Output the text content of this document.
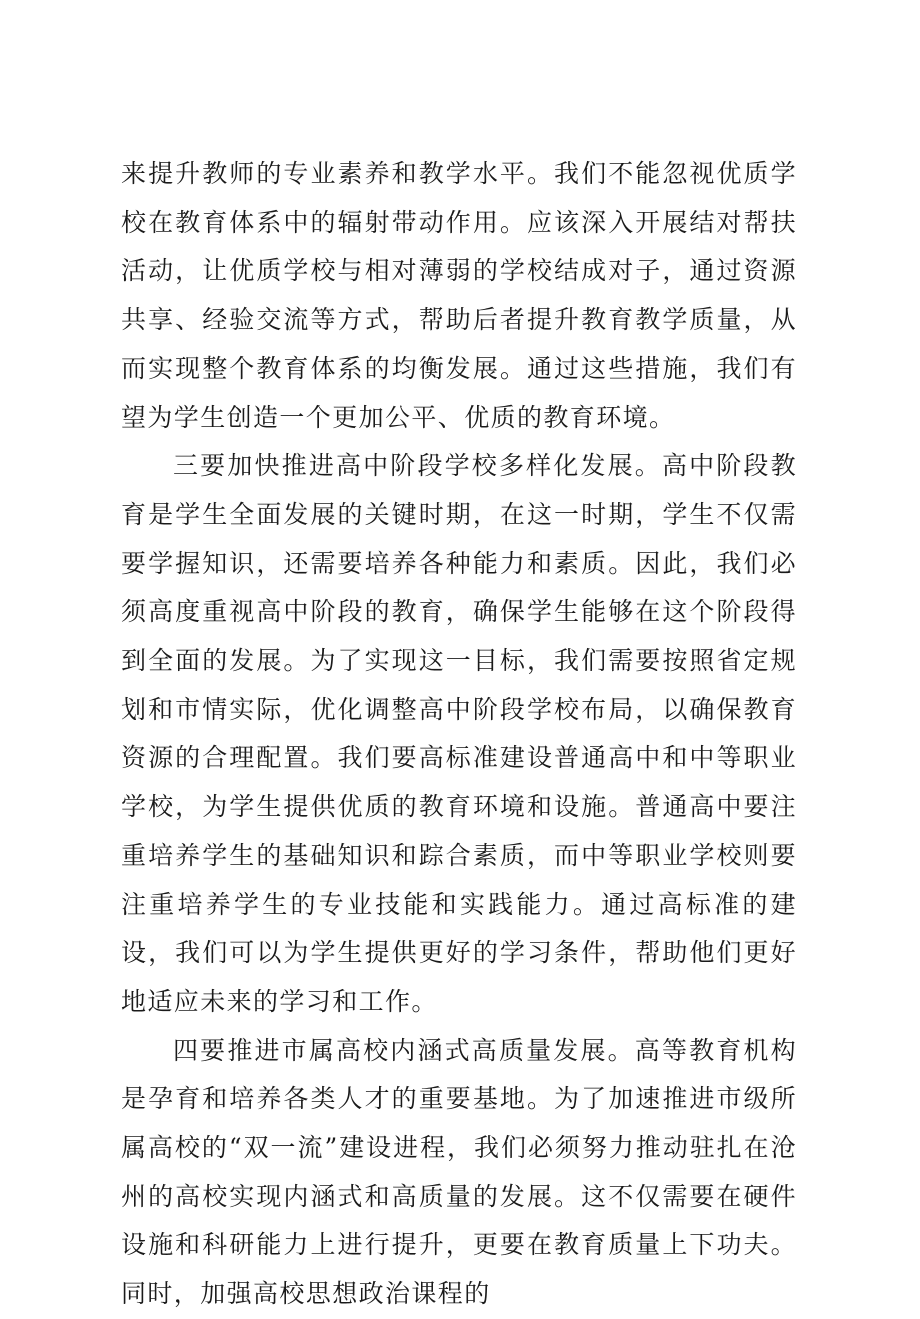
来提升教师的专业素养和教学水平。我们不能忽视优质学校在教育体系中的辐射带动作用。应该深入开展结对帮扶活动，让优质学校与相对薄弱的学校结成对子，通过资源共享、经验交流等方式，帮助后者提升教育教学质量，从而实现整个教育体系的均衡发展。通过这些措施，我们有望为学生创造一个更加公平、优质的教育环境。

三要加快推进高中阶段学校多样化发展。高中阶段教育是学生全面发展的关键时期，在这一时期，学生不仅需要学握知识，还需要培养各种能力和素质。因此，我们必须高度重视高中阶段的教育，确保学生能够在这个阶段得到全面的发展。为了实现这一目标，我们需要按照省定规划和市情实际，优化调整高中阶段学校布局，以确保教育资源的合理配置。我们要高标准建设普通高中和中等职业学校，为学生提供优质的教育环境和设施。普通高中要注重培养学生的基础知识和踪合素质，而中等职业学校则要注重培养学生的专业技能和实践能力。通过高标准的建设，我们可以为学生提供更好的学习条件，帮助他们更好地适应未来的学习和工作。

四要推进市属高校内涵式高质量发展。高等教育机构是孕育和培养各类人才的重要基地。为了加速推进市级所属高校的“双一流”建设进程，我们必须努力推动驻扎在沧州的高校实现内涵式和高质量的发展。这不仅需要在硬件设施和科研能力上进行提升，更要在教育质量上下功夫。同时，加强高校思想政治课程的
